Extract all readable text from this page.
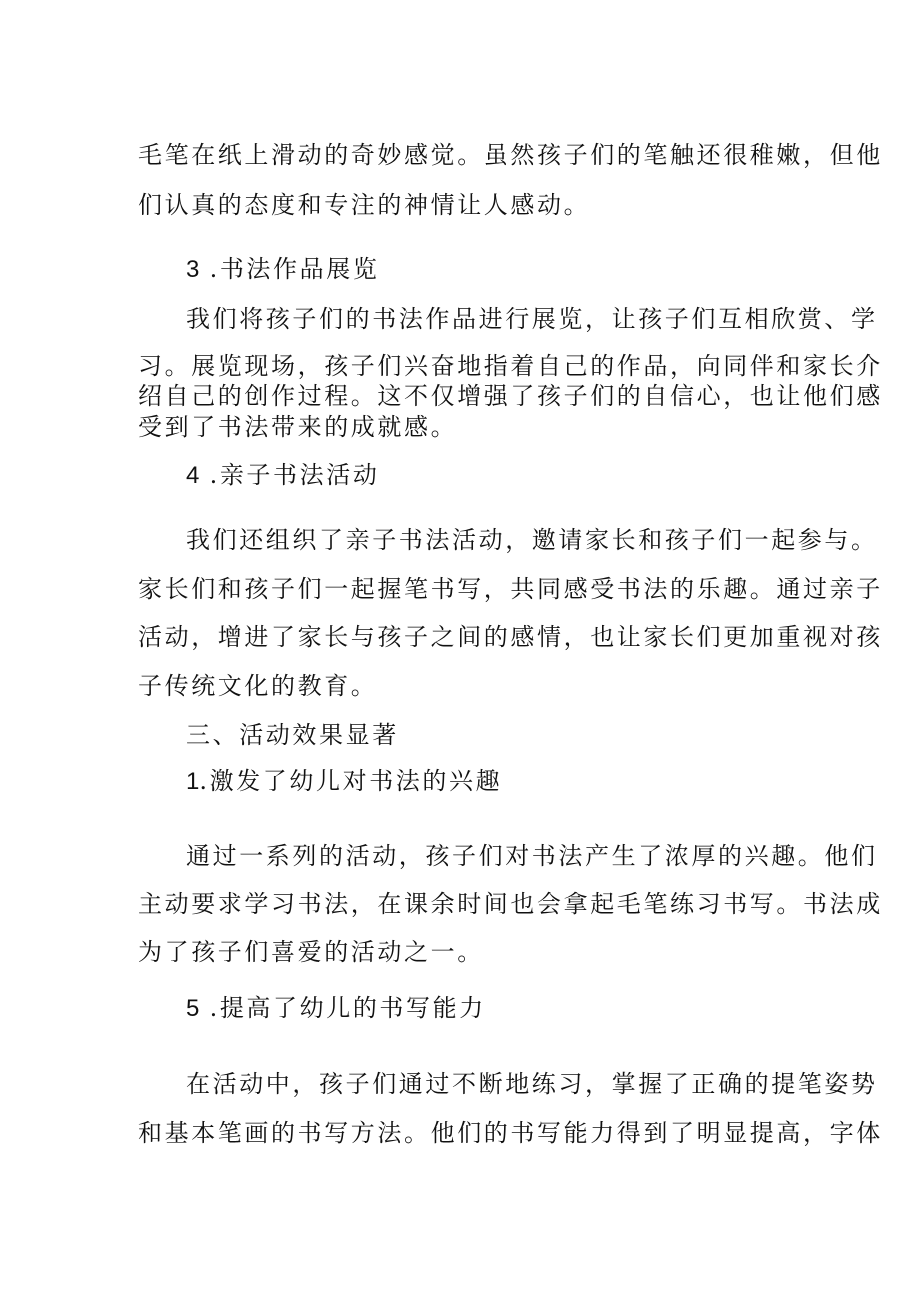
毛笔在纸上滑动的奇妙感觉。虽然孩子们的笔触还很稚嫩，但他
们认真的态度和专注的神情让人感动。
3 .书法作品展览
我们将孩子们的书法作品进行展览，让孩子们互相欣赏、学
习。展览现场，孩子们兴奋地指着自己的作品，向同伴和家长介
绍自己的创作过程。这不仅增强了孩子们的自信心，也让他们感
受到了书法带来的成就感。
4 .亲子书法活动
我们还组织了亲子书法活动，邀请家长和孩子们一起参与。
家长们和孩子们一起握笔书写，共同感受书法的乐趣。通过亲子
活动，增进了家长与孩子之间的感情，也让家长们更加重视对孩
子传统文化的教育。
三、活动效果显著
1.激发了幼儿对书法的兴趣
通过一系列的活动，孩子们对书法产生了浓厚的兴趣。他们
主动要求学习书法，在课余时间也会拿起毛笔练习书写。书法成
为了孩子们喜爱的活动之一。
5 .提高了幼儿的书写能力
在活动中，孩子们通过不断地练习，掌握了正确的提笔姿势
和基本笔画的书写方法。他们的书写能力得到了明显提高，字体
